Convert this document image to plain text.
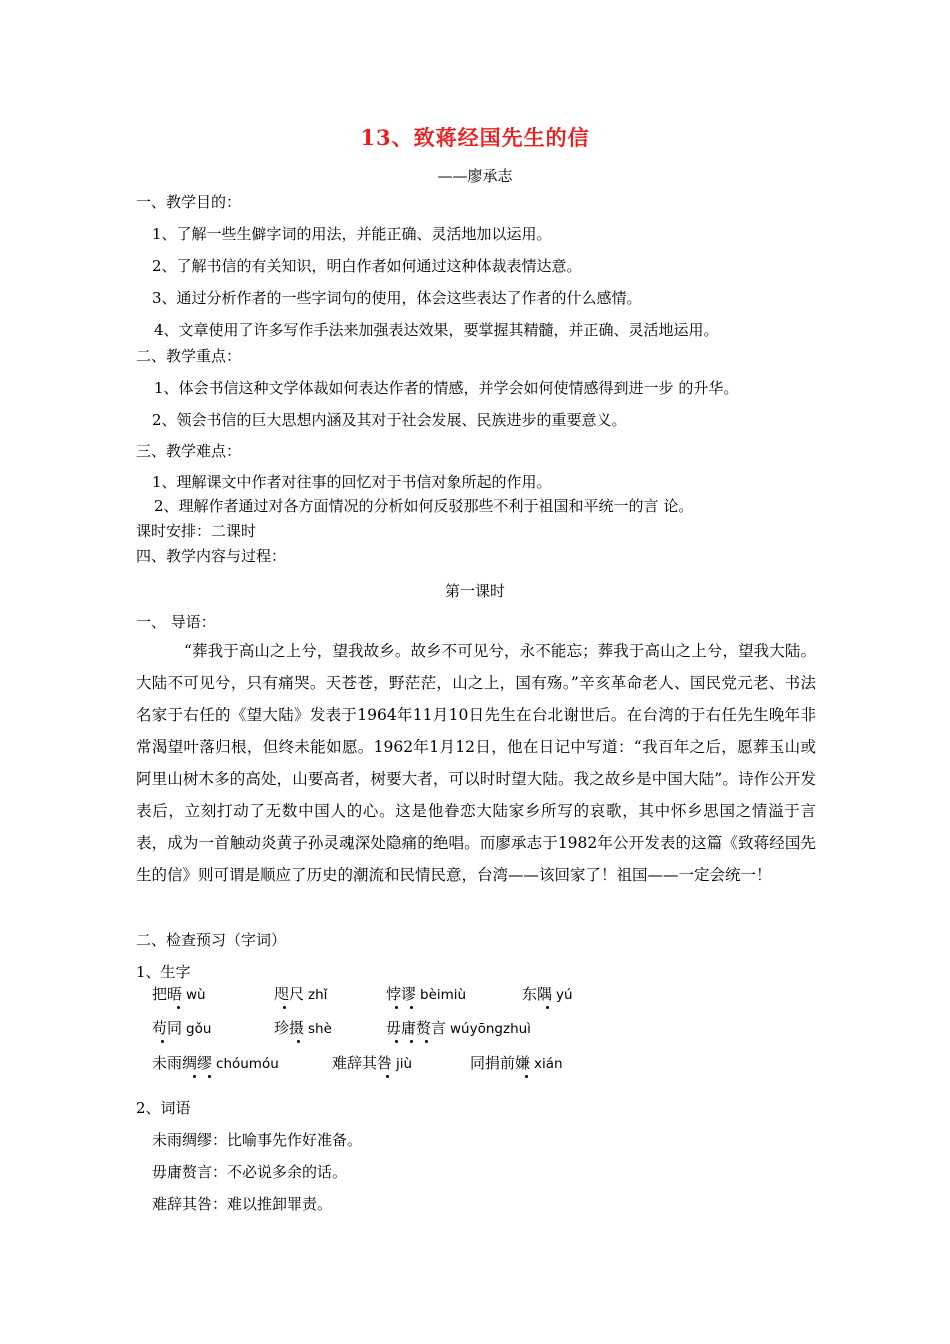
13、致蒋经国先生的信
——廖承志
一、教学目的：
1、了解一些生僻字词的用法，并能正确、灵活地加以运用。
2、了解书信的有关知识，明白作者如何通过这种体裁表情达意。
3、通过分析作者的一些字词句的使用，体会这些表达了作者的什么感情。
4、文章使用了许多写作手法来加强表达效果，要掌握其精髓，并正确、灵活地运用。
二、教学重点：
1、体会书信这种文学体裁如何表达作者的情感，并学会如何使情感得到进一步 的升华。
2、领会书信的巨大思想内涵及其对于社会发展、民族进步的重要意义。
三、教学难点：
1、理解课文中作者对往事的回忆对于书信对象所起的作用。
2、理解作者通过对各方面情况的分析如何反驳那些不利于祖国和平统一的言 论。
课时安排：二课时
四、教学内容与过程：
第一课时
一、 导语：
“葬我于高山之上兮，望我故乡。故乡不可见兮，永不能忘；葬我于高山之上兮，望我大陆。大陆不可见兮，只有痛哭。天苍苍，野茫茫，山之上，国有殇。”辛亥革命老人、国民党元老、书法名家于右任的《望大陆》发表于1964年11月10日先生在台北谢世后。在台湾的于右任先生晚年非常渴望叶落归根，但终未能如愿。1962年1月12日，他在日记中写道：“我百年之后，愿葬玉山或阿里山树木多的高处，山要高者，树要大者，可以时时望大陆。我之故乡是中国大陆”。诗作公开发表后，立刻打动了无数中国人的心。这是他眷恋大陆家乡所写的哀歌，其中怀乡思国之情溢于言表，成为一首触动炎黄子孙灵魂深处隐痛的绝唱。而廖承志于1982年公开发表的这篇《致蒋经国先生的信》则可谓是顺应了历史的潮流和民情民意，台湾——该回家了！祖国——一定会统一！
二、检查预习（字词）
1、生字
把晤 wù	咫尺 zhǐ	悖谬 bèimiù	东隅 yú
苟同 gǒu	珍摄 shè	毋庸赘言 wúyōngzhuì
未雨绸缪 chóumóu	难辞其咎 jiù	同捐前嫌 xián
2、词语
未雨绸缪：比喻事先作好准备。
毋庸赘言：不必说多余的话。
难辞其咎：难以推卸罪责。
